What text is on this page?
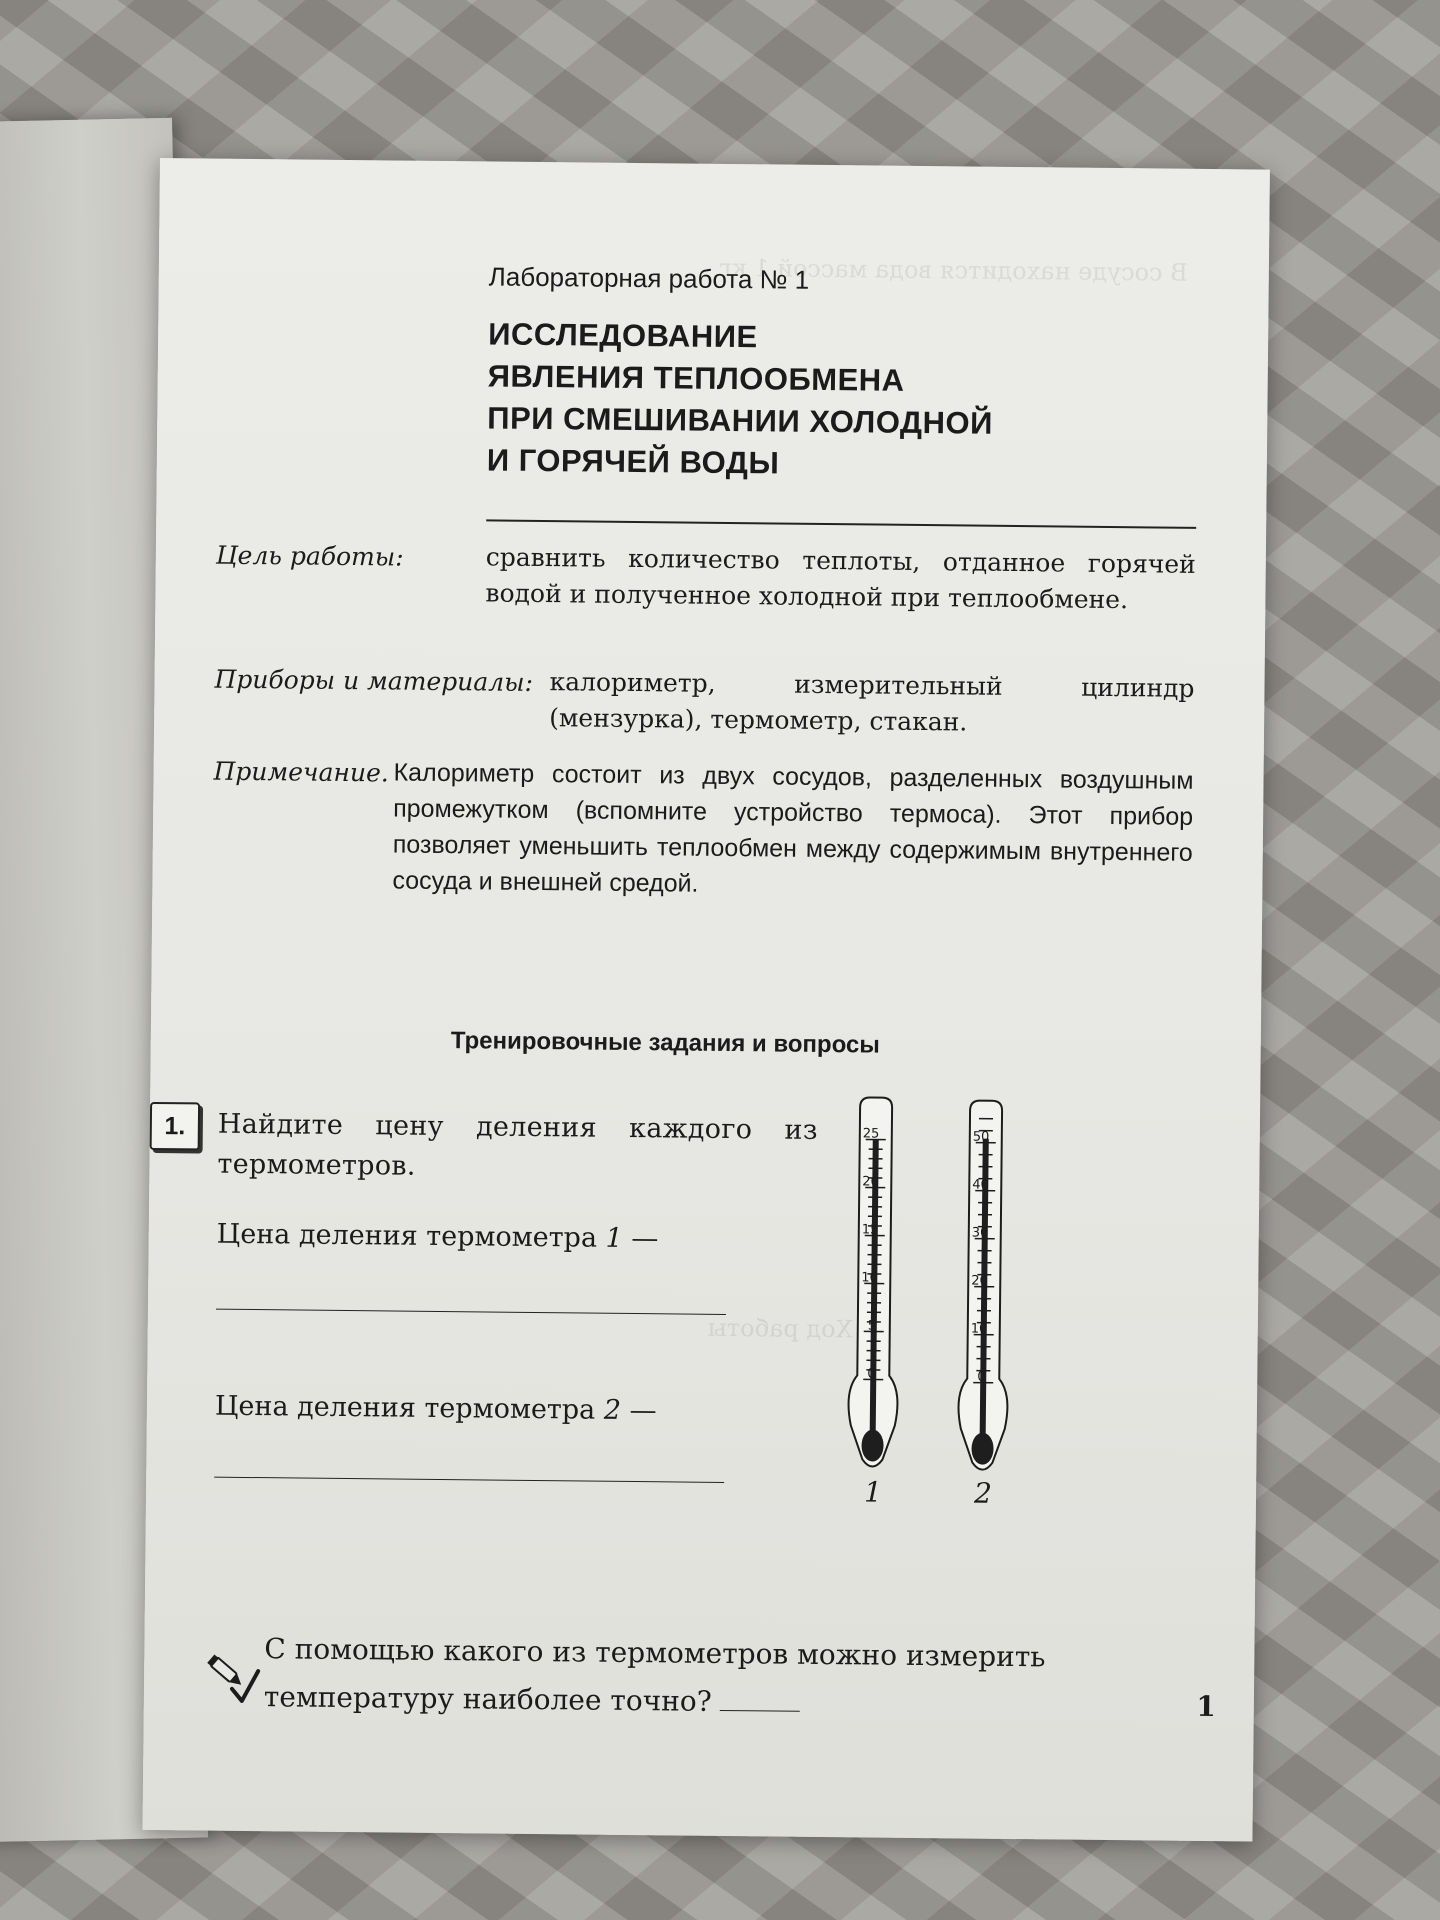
В сосуде находится вода массой 1 кг
Ход работы
Лабораторная работа № 1
ИССЛЕДОВАНИЕ
ЯВЛЕНИЯ ТЕПЛООБМЕНА
ПРИ СМЕШИВАНИИ ХОЛОДНОЙ
И ГОРЯЧЕЙ ВОДЫ
Цель работы:	сравнить количество теплоты, отданное горячей водой и полученное холодной при теплообмене.
Приборы и материалы: калориметр, измерительный цилиндр (мензурка), термометр, стакан.
Примечание. Калориметр состоит из двух сосудов, разделенных воздушным промежутком (вспомните устройство термоса). Этот прибор позволяет уменьшить теплообмен между содержимым внутреннего сосуда и внешней средой.
Тренировочные задания и вопросы
1.	Найдите цену деления каждого из термометров.
Цена деления термометра 1 —
Цена деления термометра 2 —
25
20
15
10
5
0
1
50
40
30
20
10
0
2
С помощью какого из термометров можно измерить температуру наиболее точно?	1
